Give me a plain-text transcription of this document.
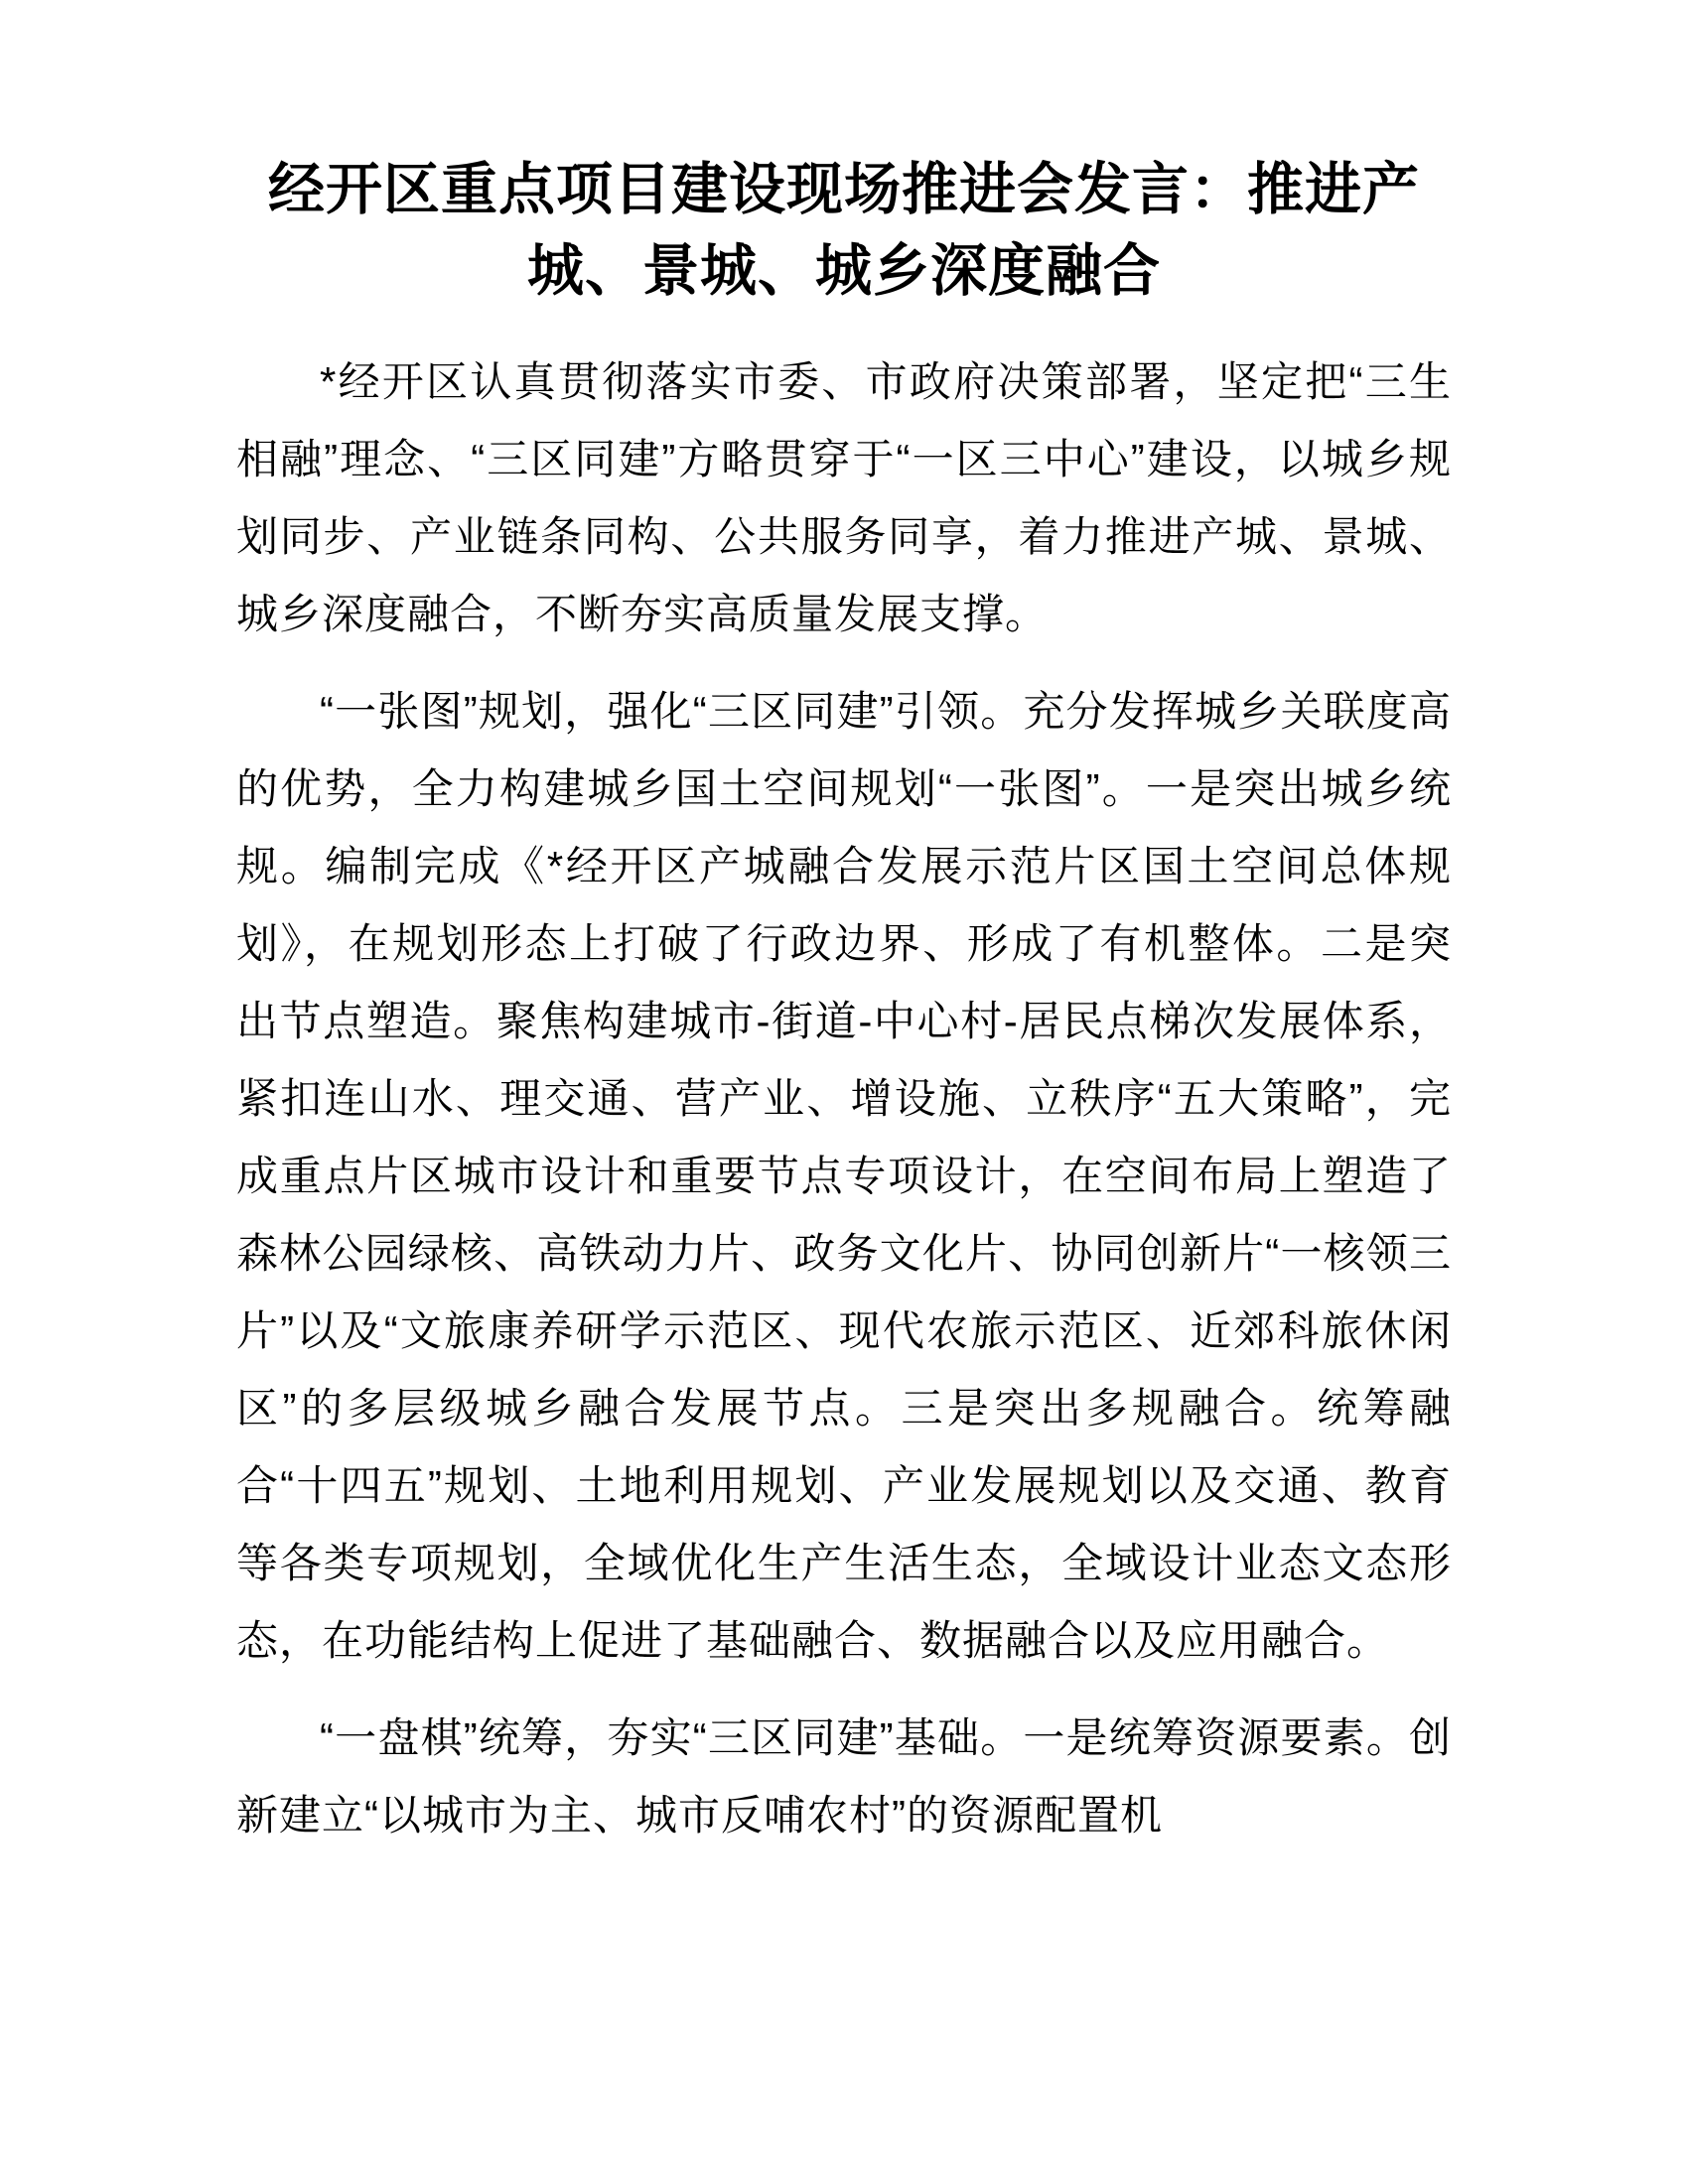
经开区重点项目建设现场推进会发言：推进产城、景城、城乡深度融合

*经开区认真贯彻落实市委、市政府决策部署，坚定把“三生相融”理念、“三区同建”方略贯穿于“一区三中心”建设，以城乡规划同步、产业链条同构、公共服务同享，着力推进产城、景城、城乡深度融合，不断夯实高质量发展支撑。

“一张图”规划，强化“三区同建”引领。充分发挥城乡关联度高的优势，全力构建城乡国土空间规划“一张图”。一是突出城乡统规。编制完成《*经开区产城融合发展示范片区国土空间总体规划》，在规划形态上打破了行政边界、形成了有机整体。二是突出节点塑造。聚焦构建城市-街道-中心村-居民点梯次发展体系，紧扣连山水、理交通、营产业、增设施、立秩序“五大策略”，完成重点片区城市设计和重要节点专项设计，在空间布局上塑造了森林公园绿核、高铁动力片、政务文化片、协同创新片“一核领三片”以及“文旅康养研学示范区、现代农旅示范区、近郊科旅休闲区”的多层级城乡融合发展节点。三是突出多规融合。统筹融合“十四五”规划、土地利用规划、产业发展规划以及交通、教育等各类专项规划，全域优化生产生活生态，全域设计业态文态形态，在功能结构上促进了基础融合、数据融合以及应用融合。

“一盘棋”统筹，夯实“三区同建”基础。一是统筹资源要素。创新建立“以城市为主、城市反哺农村”的资源配置机
